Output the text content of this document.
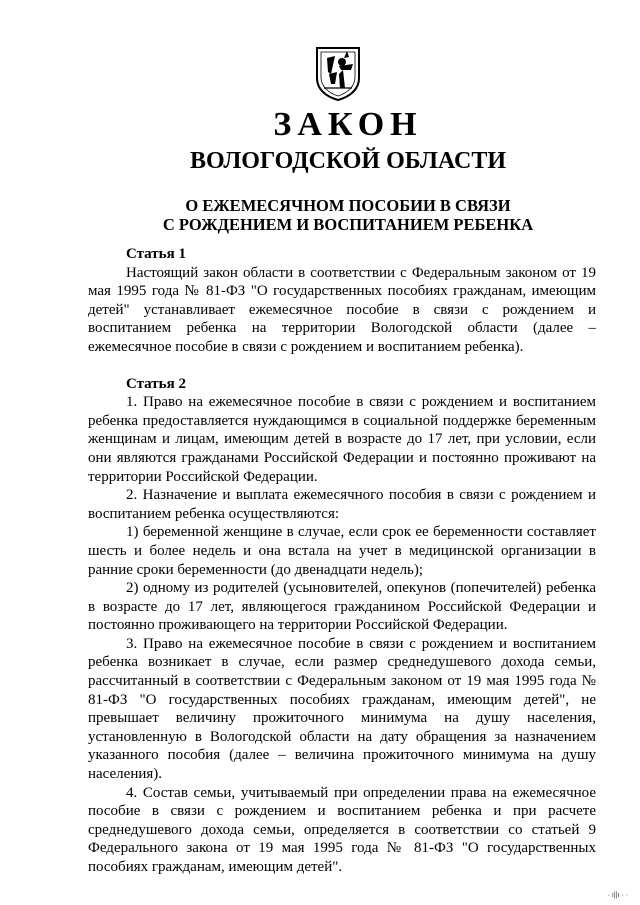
ЗАКОН
ВОЛОГОДСКОЙ ОБЛАСТИ
О ЕЖЕМЕСЯЧНОМ ПОСОБИИ В СВЯЗИ
С РОЖДЕНИЕМ И ВОСПИТАНИЕМ РЕБЕНКА
Статья 1

Настоящий закон области в соответствии с Федеральным законом от 19 мая 1995 года № 81-ФЗ "О государственных пособиях гражданам, имеющим детей" устанавливает ежемесячное пособие в связи с рождением и воспитанием ребенка на территории Вологодской области (далее – ежемесячное пособие в связи с рождением и воспитанием ребенка).

Статья 2

1. Право на ежемесячное пособие в связи с рождением и воспитанием ребенка предоставляется нуждающимся в социальной поддержке беременным женщинам и лицам, имеющим детей в возрасте до 17 лет, при условии, если они являются гражданами Российской Федерации и постоянно проживают на территории Российской Федерации.

2. Назначение и выплата ежемесячного пособия в связи с рождением и воспитанием ребенка осуществляются:

1) беременной женщине в случае, если срок ее беременности составляет шесть и более недель и она встала на учет в медицинской организации в ранние сроки беременности (до двенадцати недель);

2) одному из родителей (усыновителей, опекунов (попечителей) ребенка в возрасте до 17 лет, являющегося гражданином Российской Федерации и постоянно проживающего на территории Российской Федерации.

3. Право на ежемесячное пособие в связи с рождением и воспитанием ребенка возникает в случае, если размер среднедушевого дохода семьи, рассчитанный в соответствии с Федеральным законом от 19 мая 1995 года № 81-ФЗ "О государственных пособиях гражданам, имеющим детей", не превышает величину прожиточного минимума на душу населения, установленную в Вологодской области на дату обращения за назначением указанного пособия (далее – величина прожиточного минимума на душу населения).

4. Состав семьи, учитываемый при определении права на ежемесячное пособие в связи с рождением и воспитанием ребенка и при расчете среднедушевого дохода семьи, определяется в соответствии со статьей 9 Федерального закона от 19 мая 1995 года № 81-ФЗ "О государственных пособиях гражданам, имеющим детей".

· ı||ı · ·
